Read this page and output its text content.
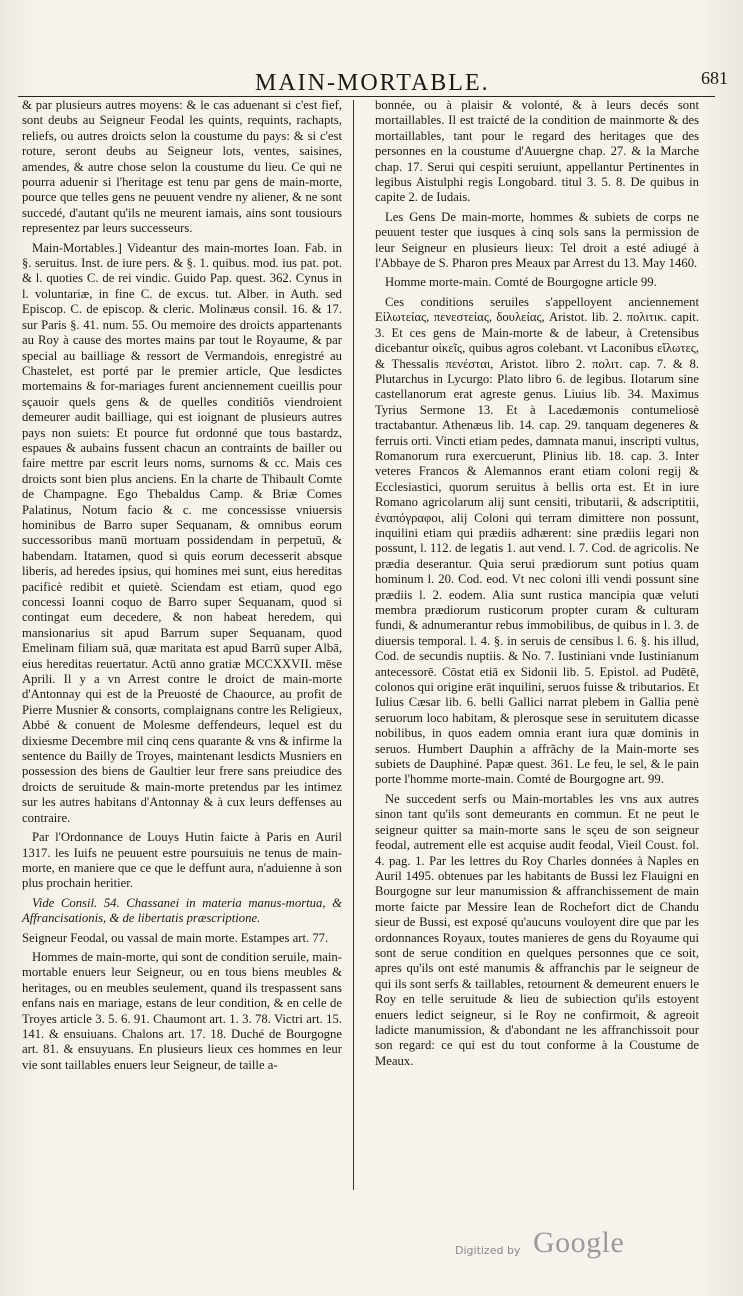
MAIN-MORTABLE.	681

& par plusieurs autres moyens: & le cas aduenant si c'est fief, sont deubs au Seigneur Feodal les quints, requints, rachapts, reliefs, ou autres droicts selon la coustume du pays: & si c'est roture, seront deubs au Seigneur lots, ventes, saisines, amendes, & autre chose selon la coustume du lieu. Ce qui ne pourra aduenir si l'heritage est tenu par gens de main-morte, pource que telles gens ne peuuent vendre ny aliener, & ne sont succedé, d'autant qu'ils ne meurent iamais, ains sont tousiours representez par leurs successeurs.

Main-Mortables.] Videantur des main-mortes Ioan. Fab. in §. seruitus. Inst. de iure pers. & §. 1. quibus. mod. ius pat. pot. & l. quoties C. de rei vindic. Guido Pap. quest. 362. Cynus in l. voluntariæ, in fine C. de excus. tut. Alber. in Auth. sed Episcop. C. de episcop. & cleric. Molinæus consil. 16. & 17. sur Paris §. 41. num. 55. Ou memoire des droicts appartenants au Roy à cause des mortes mains par tout le Royaume, & par special au bailliage & ressort de Vermandois, enregistré au Chastelet, est porté par le premier article, Que lesdictes mortemains & for-mariages furent anciennement cueillis pour sçauoir quels gens & de quelles conditiõs viendroient demeurer audit bailliage, qui est ioignant de plusieurs autres pays non suiets: Et pource fut ordonné que tous bastardz, espaues & aubains fussent chacun an contraints de bailler ou faire mettre par escrit leurs noms, surnoms & cc. Mais ces droicts sont bien plus anciens. En la charte de Thibault Comte de Champagne. Ego Thebaldus Camp. & Briæ Comes Palatinus, Notum facio & c. me concessisse vniuersis hominibus de Barro super Sequanam, & omnibus eorum successoribus manū mortuam possidendam in perpetuū, & habendam. Itatamen, quod si quis eorum decesserit absque liberis, ad heredes ipsius, qui homines mei sunt, eius hereditas pacificè redibit et quietè. Sciendam est etiam, quod ego concessi Ioanni coquo de Barro super Sequanam, quod si contingat eum decedere, & non habeat heredem, qui mansionarius sit apud Barrum super Sequanam, quod Emelinam filiam suā, quæ maritata est apud Barrū super Albā, eius hereditas reuertatur. Actū anno gratiæ MCCXXVII. mēse Aprili. Il y a vn Arrest contre le droict de main-morte d'Antonnay qui est de la Preuosté de Chaource, au profit de Pierre Musnier & consorts, complaignans contre les Religieux, Abbé & conuent de Molesme deffendeurs, lequel est du dixiesme Decembre mil cinq cens quarante & vns & infirme la sentence du Bailly de Troyes, maintenant lesdicts Musniers en possession des biens de Gaultier leur frere sans preiudice des droicts de seruitude & main-morte pretendus par les intimez sur les autres habitans d'Antonnay & à cux leurs deffenses au contraire.

Par l'Ordonnance de Louys Hutin faicte à Paris en Auril 1317. les Iuifs ne peuuent estre poursuiuis ne tenus de main-morte, en maniere que ce que le deffunt aura, n'aduienne à son plus prochain heritier.

Vide Consil. 54. Chassanei in materia manus-mortua, & Affrancisationis, & de libertatis præscriptione.

Seigneur Feodal, ou vassal de main morte. Estampes art. 77.

Hommes de main-morte, qui sont de condition seruile, main-mortable enuers leur Seigneur, ou en tous biens meubles & heritages, ou en meubles seulement, quand ils trespassent sans enfans nais en mariage, estans de leur condition, & en celle de Troyes article 3. 5. 6. 91. Chaumont art. 1. 3. 78. Victri art. 15. 141. & ensuiuans. Chalons art. 17. 18. Duché de Bourgogne art. 81. & ensuyuans. En plusieurs lieux ces hommes en leur vie sont taillables enuers leur Seigneur, de taille a-

bonnée, ou à plaisir & volonté, & à leurs decés sont mortaillables. Il est traicté de la condition de mainmorte & des mortaillables, tant pour le regard des heritages que des personnes en la coustume d'Auuergne chap. 27. & la Marche chap. 17. Serui qui cespiti seruiunt, appellantur Pertinentes in legibus Aistulphi regis Longobard. titul 3. 5. 8. De quibus in capite 2. de Iudais.

Les Gens De main-morte, hommes & subiets de corps ne peuuent tester que iusques à cinq sols sans la permission de leur Seigneur en plusieurs lieux: Tel droit a esté adiugé à l'Abbaye de S. Pharon pres Meaux par Arrest du 13. May 1460.

Homme morte-main. Comté de Bourgogne article 99.

Ces conditions seruiles s'appelloyent anciennement Εἰλωτείας, πενεστείας, δουλείας, Aristot. lib. 2. πολιτικ. capit. 3. Et ces gens de Main-morte & de labeur, à Cretensibus dicebantur οἰκεῖς, quibus agros colebant. vt Laconibus εἵλωτες, & Thessalis πενέσται, Aristot. libro 2. πολιτ. cap. 7. & 8. Plutarchus in Lycurgo: Plato libro 6. de legibus. Ilotarum sine castellanorum erat agreste genus. Liuius lib. 34. Maximus Tyrius Sermone 13. Et à Lacedæmonis contumeliosè tractabantur. Athenæus lib. 14. cap. 29. tanquam degeneres & ferruis orti. Vincti etiam pedes, damnata manui, inscripti vultus, Romanorum rura exercuerunt, Plinius lib. 18. cap. 3. Inter veteres Francos & Alemannos erant etiam coloni regij & Ecclesiastici, quorum seruitus à bellis orta est. Et in iure Romano agricolarum alij sunt censiti, tributarii, & adscriptitii, ἐναπόγραφοι, alij Coloni qui terram dimittere non possunt, inquilini etiam qui prædiis adhærent: sine prædiis legari non possunt, l. 112. de legatis 1. aut vend. l. 7. Cod. de agricolis. Ne prædia deserantur. Quia serui prædiorum sunt potius quam hominum l. 20. Cod. eod. Vt nec coloni illi vendi possunt sine prædiis l. 2. eodem. Alia sunt rustica mancipia quæ veluti membra prædiorum rusticorum propter curam & culturam fundi, & adnumerantur rebus immobilibus, de quibus in l. 3. de diuersis temporal. l. 4. §. in seruis de censibus l. 6. §. his illud, Cod. de secundis nuptiis. & No. 7. Iustiniani vnde Iustinianum antecessorē. Cōstat etiā ex Sidonii lib. 5. Epistol. ad Pudētē, colonos qui origine erāt inquilini, seruos fuisse & tributarios. Et Iulius Cæsar lib. 6. belli Gallici narrat plebem in Gallia penè seruorum loco habitam, & plerosque sese in seruitutem dicasse nobilibus, in quos eadem omnia erant iura quæ dominis in seruos. Humbert Dauphin a affrãchy de la Main-morte ses subiets de Dauphiné. Papæ quest. 361. Le feu, le sel, & le pain porte l'homme morte-main. Comté de Bourgogne art. 99.

Ne succedent serfs ou Main-mortables les vns aux autres sinon tant qu'ils sont demeurants en commun. Et ne peut le seigneur quitter sa main-morte sans le sçeu de son seigneur feodal, autrement elle est acquise audit feodal, Vieil Coust. fol. 4. pag. 1. Par les lettres du Roy Charles données à Naples en Auril 1495. obtenues par les habitants de Bussi lez Flauigni en Bourgogne sur leur manumission & affranchissement de main morte faicte par Messire Iean de Rochefort dict de Chandu sieur de Bussi, est exposé qu'aucuns vouloyent dire que par les ordonnances Royaux, toutes manieres de gens du Royaume qui sont de serue condition en quelques personnes que ce soit, apres qu'ils ont esté manumis & affranchis par le seigneur de qui ils sont serfs & taillables, retournent & demeurent enuers le Roy en telle seruitude & lieu de subiection qu'ils estoyent enuers ledict seigneur, si le Roy ne confirmoit, & agreoit ladicte manumission, & d'abondant ne les affranchissoit pour son regard: ce qui est du tout conforme à la Coustume de Meaux.

Digitized by Google
